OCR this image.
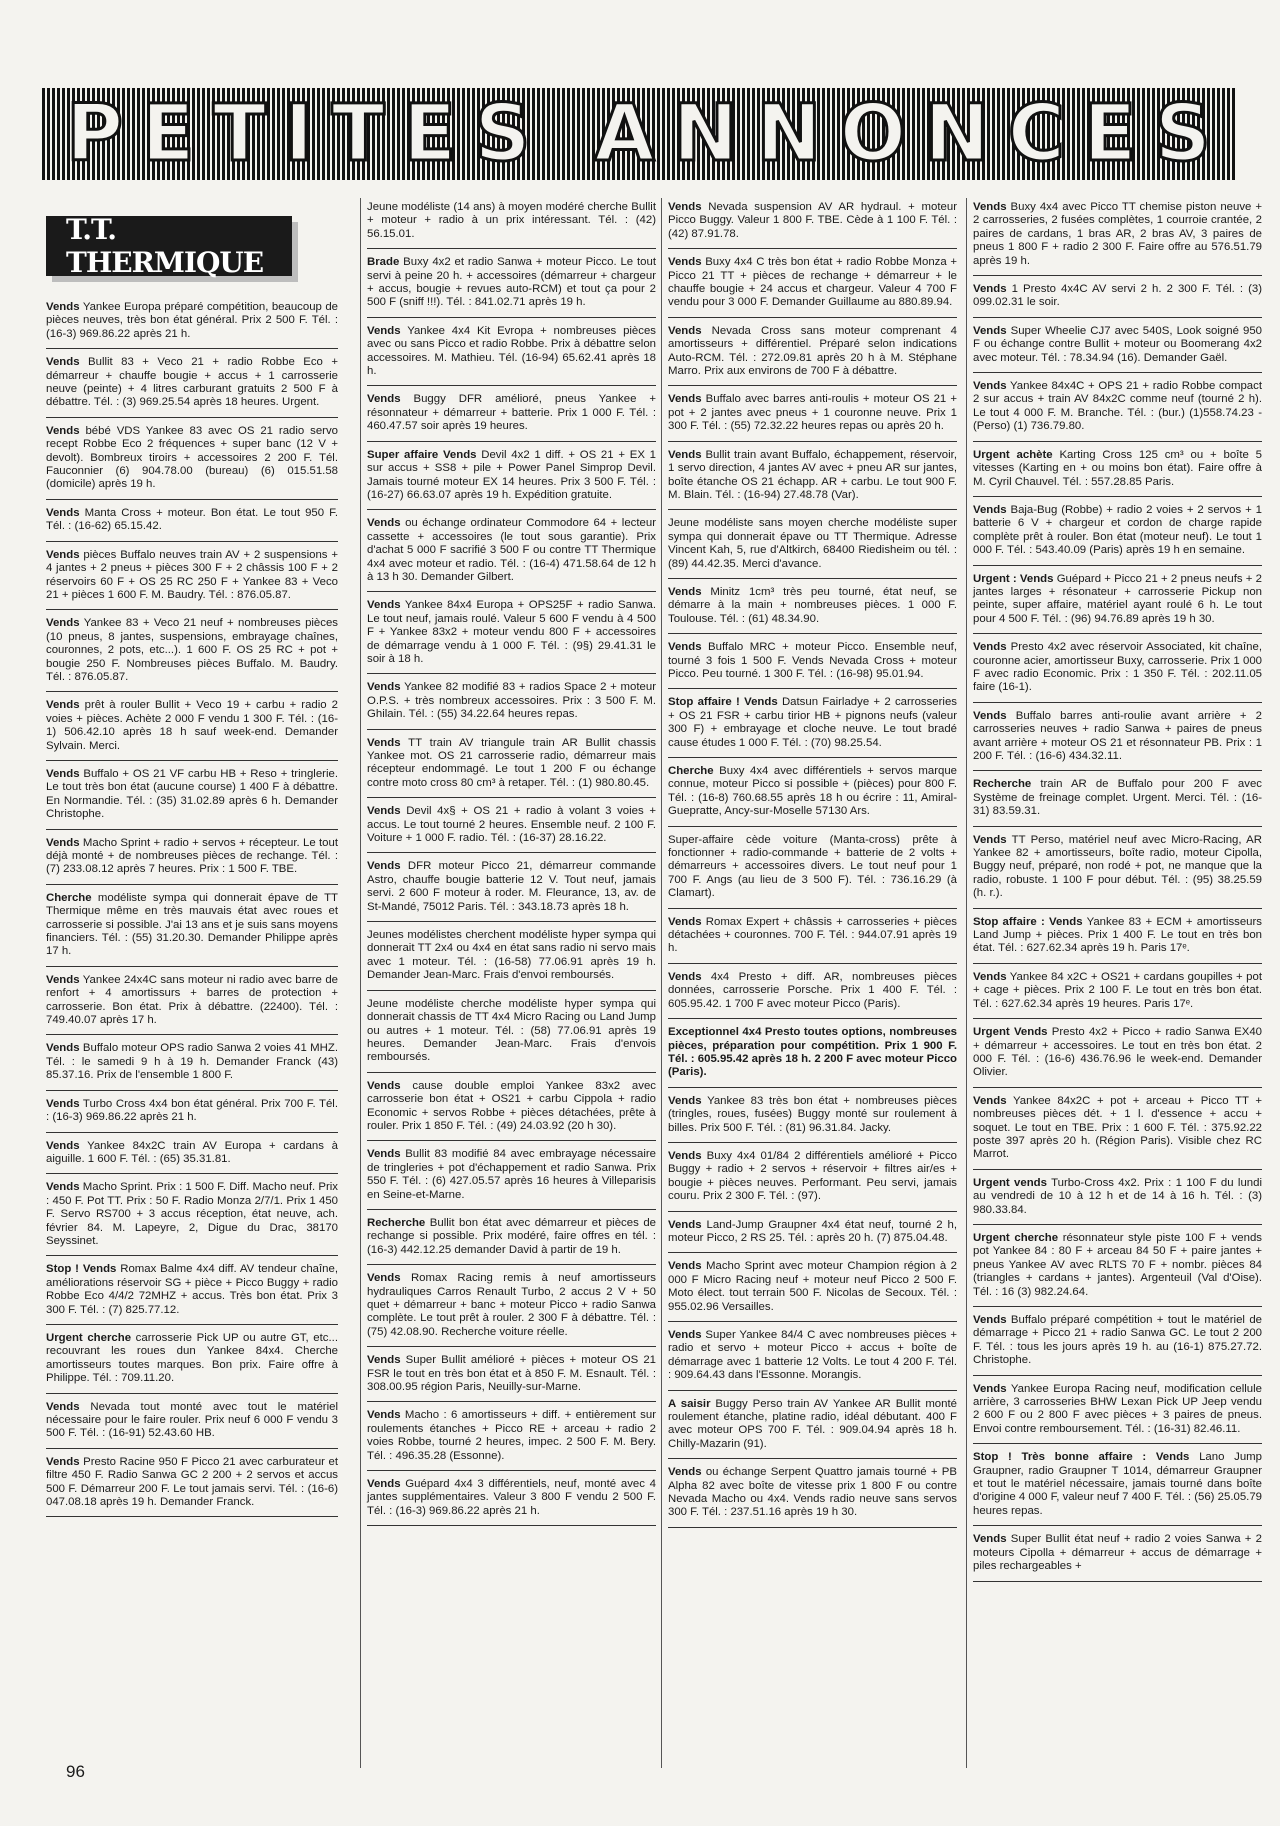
P E T I T E S
A N N O N C E S
T.T. THERMIQUE
Vends Yankee Europa préparé compétition, beaucoup de pièces neuves, très bon état général. Prix 2 500 F. Tél. : (16-3) 969.86.22 après 21 h.
Vends Bullit 83 + Veco 21 + radio Robbe Eco + démarreur + chauffe bougie + accus + 1 carrosserie neuve (peinte) + 4 litres carburant gratuits 2 500 F à débattre. Tél. : (3) 969.25.54 après 18 heures. Urgent.
Vends bébé VDS Yankee 83 avec OS 21 radio servo recept Robbe Eco 2 fréquences + super banc (12 V + devolt). Bombreux tiroirs + accessoires 2 200 F. Tél. Fauconnier (6) 904.78.00 (bureau) (6) 015.51.58 (domicile) après 19 h.
Vends Manta Cross + moteur. Bon état. Le tout 950 F. Tél. : (16-62) 65.15.42.
Vends pièces Buffalo neuves train AV + 2 suspensions + 4 jantes + 2 pneus + pièces 300 F + 2 châssis 100 F + 2 réservoirs 60 F + OS 25 RC 250 F + Yankee 83 + Veco 21 + pièces 1 600 F. M. Baudry. Tél. : 876.05.87.
Vends Yankee 83 + Veco 21 neuf + nombreuses pièces (10 pneus, 8 jantes, suspensions, embrayage chaînes, couronnes, 2 pots, etc...). 1 600 F. OS 25 RC + pot + bougie 250 F. Nombreuses pièces Buffalo. M. Baudry. Tél. : 876.05.87.
Vends prêt à rouler Bullit + Veco 19 + carbu + radio 2 voies + pièces. Achète 2 000 F vendu 1 300 F. Tél. : (16-1) 506.42.10 après 18 h sauf week-end. Demander Sylvain. Merci.
Vends Buffalo + OS 21 VF carbu HB + Reso + tringlerie. Le tout très bon état (aucune course) 1 400 F à débattre. En Normandie. Tél. : (35) 31.02.89 après 6 h. Demander Christophe.
Vends Macho Sprint + radio + servos + récepteur. Le tout déjà monté + de nombreuses pièces de rechange. Tél. : (7) 233.08.12 après 7 heures. Prix : 1 500 F. TBE.
Cherche modéliste sympa qui donnerait épave de TT Thermique même en très mauvais état avec roues et carrosserie si possible. J'ai 13 ans et je suis sans moyens financiers. Tél. : (55) 31.20.30. Demander Philippe après 17 h.
Vends Yankee 24x4C sans moteur ni radio avec barre de renfort + 4 amortissurs + barres de protection + carrosserie. Bon état. Prix à débattre. (22400). Tél. : 749.40.07 après 17 h.
Vends Buffalo moteur OPS radio Sanwa 2 voies 41 MHZ. Tél. : le samedi 9 h à 19 h. Demander Franck (43) 85.37.16. Prix de l'ensemble 1 800 F.
Vends Turbo Cross 4x4 bon état général. Prix 700 F. Tél. : (16-3) 969.86.22 après 21 h.
Vends Yankee 84x2C train AV Europa + cardans à aiguille. 1 600 F. Tél. : (65) 35.31.81.
Vends Macho Sprint. Prix : 1 500 F. Diff. Macho neuf. Prix : 450 F. Pot TT. Prix : 50 F. Radio Monza 2/7/1. Prix 1 450 F. Servo RS700 + 3 accus réception, état neuve, ach. février 84. M. Lapeyre, 2, Digue du Drac, 38170 Seyssinet.
Stop ! Vends Romax Balme 4x4 diff. AV tendeur chaîne, améliorations réservoir SG + pièce + Picco Buggy + radio Robbe Eco 4/4/2 72MHZ + accus. Très bon état. Prix 3 300 F. Tél. : (7) 825.77.12.
Urgent cherche carrosserie Pick UP ou autre GT, etc... recouvrant les roues dun Yankee 84x4. Cherche amortisseurs toutes marques. Bon prix. Faire offre à Philippe. Tél. : 709.11.20.
Vends Nevada tout monté avec tout le matériel nécessaire pour le faire rouler. Prix neuf 6 000 F vendu 3 500 F. Tél. : (16-91) 52.43.60 HB.
Vends Presto Racine 950 F Picco 21 avec carburateur et filtre 450 F. Radio Sanwa GC 2 200 + 2 servos et accus 500 F. Démarreur 200 F. Le tout jamais servi. Tél. : (16-6) 047.08.18 après 19 h. Demander Franck.
Jeune modéliste (14 ans) à moyen modéré cherche Bullit + moteur + radio à un prix intéressant. Tél. : (42) 56.15.01.
Brade Buxy 4x2 et radio Sanwa + moteur Picco. Le tout servi à peine 20 h. + accessoires (démarreur + chargeur + accus, bougie + revues auto-RCM) et tout ça pour 2 500 F (sniff !!!). Tél. : 841.02.71 après 19 h.
Vends Yankee 4x4 Kit Evropa + nombreuses pièces avec ou sans Picco et radio Robbe. Prix à débattre selon accessoires. M. Mathieu. Tél. (16-94) 65.62.41 après 18 h.
Vends Buggy DFR amélioré, pneus Yankee + résonnateur + démarreur + batterie. Prix 1 000 F. Tél. : 460.47.57 soir après 19 heures.
Super affaire Vends Devil 4x2 1 diff. + OS 21 + EX 1 sur accus + SS8 + pile + Power Panel Simprop Devil. Jamais tourné moteur EX 14 heures. Prix 3 500 F. Tél. : (16-27) 66.63.07 après 19 h. Expédition gratuite.
Vends ou échange ordinateur Commodore 64 + lecteur cassette + accessoires (le tout sous garantie). Prix d'achat 5 000 F sacrifié 3 500 F ou contre TT Thermique 4x4 avec moteur et radio. Tél. : (16-4) 471.58.64 de 12 h à 13 h 30. Demander Gilbert.
Vends Yankee 84x4 Europa + OPS25F + radio Sanwa. Le tout neuf, jamais roulé. Valeur 5 600 F vendu à 4 500 F + Yankee 83x2 + moteur vendu 800 F + accessoires de démarrage vendu à 1 000 F. Tél. : (9§) 29.41.31 le soir à 18 h.
Vends Yankee 82 modifié 83 + radios Space 2 + moteur O.P.S. + très nombreux accessoires. Prix : 3 500 F. M. Ghilain. Tél. : (55) 34.22.64 heures repas.
Vends TT train AV triangule train AR Bullit chassis Yankee mot. OS 21 carrosserie radio, démarreur mais récepteur endommagé. Le tout 1 200 F ou échange contre moto cross 80 cm³ à retaper. Tél. : (1) 980.80.45.
Vends Devil 4x§ + OS 21 + radio à volant 3 voies + accus. Le tout tourné 2 heures. Ensemble neuf. 2 100 F. Voiture + 1 000 F. radio. Tél. : (16-37) 28.16.22.
Vends DFR moteur Picco 21, démarreur commande Astro, chauffe bougie batterie 12 V. Tout neuf, jamais servi. 2 600 F moteur à roder. M. Fleurance, 13, av. de St-Mandé, 75012 Paris. Tél. : 343.18.73 après 18 h.
Jeunes modélistes cherchent modéliste hyper sympa qui donnerait TT 2x4 ou 4x4 en état sans radio ni servo mais avec 1 moteur. Tél. : (16-58) 77.06.91 après 19 h. Demander Jean-Marc. Frais d'envoi remboursés.
Jeune modéliste cherche modéliste hyper sympa qui donnerait chassis de TT 4x4 Micro Racing ou Land Jump ou autres + 1 moteur. Tél. : (58) 77.06.91 après 19 heures. Demander Jean-Marc. Frais d'envois remboursés.
Vends cause double emploi Yankee 83x2 avec carrosserie bon état + OS21 + carbu Cippola + radio Economic + servos Robbe + pièces détachées, prête à rouler. Prix 1 850 F. Tél. : (49) 24.03.92 (20 h 30).
Vends Bullit 83 modifié 84 avec embrayage nécessaire de tringleries + pot d'échappement et radio Sanwa. Prix 550 F. Tél. : (6) 427.05.57 après 16 heures à Villeparisis en Seine-et-Marne.
Recherche Bullit bon état avec démarreur et pièces de rechange si possible. Prix modéré, faire offres en tél. : (16-3) 442.12.25 demander David à partir de 19 h.
Vends Romax Racing remis à neuf amortisseurs hydrauliques Carros Renault Turbo, 2 accus 2 V + 50 quet + démarreur + banc + moteur Picco + radio Sanwa complète. Le tout prêt à rouler. 2 300 F à débattre. Tél. : (75) 42.08.90. Recherche voiture réelle.
Vends Super Bullit amélioré + pièces + moteur OS 21 FSR le tout en très bon état et à 850 F. M. Esnault. Tél. : 308.00.95 région Paris, Neuilly-sur-Marne.
Vends Macho : 6 amortisseurs + diff. + entièrement sur roulements étanches + Picco RE + arceau + radio 2 voies Robbe, tourné 2 heures, impec. 2 500 F. M. Bery. Tél. : 496.35.28 (Essonne).
Vends Guépard 4x4 3 différentiels, neuf, monté avec 4 jantes supplémentaires. Valeur 3 800 F vendu 2 500 F. Tél. : (16-3) 969.86.22 après 21 h.
Vends Nevada suspension AV AR hydraul. + moteur Picco Buggy. Valeur 1 800 F. TBE. Cède à 1 100 F. Tél. : (42) 87.91.78.
Vends Buxy 4x4 C très bon état + radio Robbe Monza + Picco 21 TT + pièces de rechange + démarreur + le chauffe bougie + 24 accus et chargeur. Valeur 4 700 F vendu pour 3 000 F. Demander Guillaume au 880.89.94.
Vends Nevada Cross sans moteur comprenant 4 amortisseurs + différentiel. Préparé selon indications Auto-RCM. Tél. : 272.09.81 après 20 h à M. Stéphane Marro. Prix aux environs de 700 F à débattre.
Vends Buffalo avec barres anti-roulis + moteur OS 21 + pot + 2 jantes avec pneus + 1 couronne neuve. Prix 1 300 F. Tél. : (55) 72.32.22 heures repas ou après 20 h.
Vends Bullit train avant Buffalo, échappement, réservoir, 1 servo direction, 4 jantes AV avec + pneu AR sur jantes, boîte étanche OS 21 échapp. AR + carbu. Le tout 900 F. M. Blain. Tél. : (16-94) 27.48.78 (Var).
Jeune modéliste sans moyen cherche modéliste super sympa qui donnerait épave ou TT Thermique. Adresse Vincent Kah, 5, rue d'Altkirch, 68400 Riedisheim ou tél. : (89) 44.42.35. Merci d'avance.
Vends Minitz 1cm³ très peu tourné, état neuf, se démarre à la main + nombreuses pièces. 1 000 F. Toulouse. Tél. : (61) 48.34.90.
Vends Buffalo MRC + moteur Picco. Ensemble neuf, tourné 3 fois 1 500 F. Vends Nevada Cross + moteur Picco. Peu tourné. 1 300 F. Tél. : (16-98) 95.01.94.
Stop affaire ! Vends Datsun Fairladye + 2 carrosseries + OS 21 FSR + carbu tirior HB + pignons neufs (valeur 300 F) + embrayage et cloche neuve. Le tout bradé cause études 1 000 F. Tél. : (70) 98.25.54.
Cherche Buxy 4x4 avec différentiels + servos marque connue, moteur Picco si possible + (pièces) pour 800 F. Tél. : (16-8) 760.68.55 après 18 h ou écrire : 11, Amiral-Guepratte, Ancy-sur-Moselle 57130 Ars.
Super-affaire cède voiture (Manta-cross) prête à fonctionner + radio-commande + batterie de 2 volts + démarreurs + accessoires divers. Le tout neuf pour 1 700 F. Angs (au lieu de 3 500 F). Tél. : 736.16.29 (à Clamart).
Vends Romax Expert + châssis + carrosseries + pièces détachées + couronnes. 700 F. Tél. : 944.07.91 après 19 h.
Vends 4x4 Presto + diff. AR, nombreuses pièces données, carrosserie Porsche. Prix 1 400 F. Tél. : 605.95.42. 1 700 F avec moteur Picco (Paris).
Exceptionnel 4x4 Presto toutes options, nombreuses pièces, préparation pour compétition. Prix 1 900 F. Tél. : 605.95.42 après 18 h. 2 200 F avec moteur Picco (Paris).
Vends Yankee 83 très bon état + nombreuses pièces (tringles, roues, fusées) Buggy monté sur roulement à billes. Prix 500 F. Tél. : (81) 96.31.84. Jacky.
Vends Buxy 4x4 01/84 2 différentiels amélioré + Picco Buggy + radio + 2 servos + réservoir + filtres air/es + bougie + pièces neuves. Performant. Peu servi, jamais couru. Prix 2 300 F. Tél. : (97).
Vends Land-Jump Graupner 4x4 état neuf, tourné 2 h, moteur Picco, 2 RS 25. Tél. : après 20 h. (7) 875.04.48.
Vends Macho Sprint avec moteur Champion région à 2 000 F Micro Racing neuf + moteur neuf Picco 2 500 F. Moto élect. tout terrain 500 F. Nicolas de Secoux. Tél. : 955.02.96 Versailles.
Vends Super Yankee 84/4 C avec nombreuses pièces + radio et servo + moteur Picco + accus + boîte de démarrage avec 1 batterie 12 Volts. Le tout 4 200 F. Tél. : 909.64.43 dans l'Essonne. Morangis.
A saisir Buggy Perso train AV Yankee AR Bullit monté roulement étanche, platine radio, idéal débutant. 400 F avec moteur OPS 700 F. Tél. : 909.04.94 après 18 h. Chilly-Mazarin (91).
Vends ou échange Serpent Quattro jamais tourné + PB Alpha 82 avec boîte de vitesse prix 1 800 F ou contre Nevada Macho ou 4x4. Vends radio neuve sans servos 300 F. Tél. : 237.51.16 après 19 h 30.
Vends Buxy 4x4 avec Picco TT chemise piston neuve + 2 carrosseries, 2 fusées complètes, 1 courroie crantée, 2 paires de cardans, 1 bras AR, 2 bras AV, 3 paires de pneus 1 800 F + radio 2 300 F. Faire offre au 576.51.79 après 19 h.
Vends 1 Presto 4x4C AV servi 2 h. 2 300 F. Tél. : (3) 099.02.31 le soir.
Vends Super Wheelie CJ7 avec 540S, Look soigné 950 F ou échange contre Bullit + moteur ou Boomerang 4x2 avec moteur. Tél. : 78.34.94 (16). Demander Gaël.
Vends Yankee 84x4C + OPS 21 + radio Robbe compact 2 sur accus + train AV 84x2C comme neuf (tourné 2 h). Le tout 4 000 F. M. Branche. Tél. : (bur.) (1)558.74.23 - (Perso) (1) 736.79.80.
Urgent achète Karting Cross 125 cm³ ou + boîte 5 vitesses (Karting en + ou moins bon état). Faire offre à M. Cyril Chauvel. Tél. : 557.28.85 Paris.
Vends Baja-Bug (Robbe) + radio 2 voies + 2 servos + 1 batterie 6 V + chargeur et cordon de charge rapide complète prêt à rouler. Bon état (moteur neuf). Le tout 1 000 F. Tél. : 543.40.09 (Paris) après 19 h en semaine.
Urgent : Vends Guépard + Picco 21 + 2 pneus neufs + 2 jantes larges + résonateur + carrosserie Pickup non peinte, super affaire, matériel ayant roulé 6 h. Le tout pour 4 500 F. Tél. : (96) 94.76.89 après 19 h 30.
Vends Presto 4x2 avec réservoir Associated, kit chaîne, couronne acier, amortisseur Buxy, carrosserie. Prix 1 000 F avec radio Economic. Prix : 1 350 F. Tél. : 202.11.05 faire (16-1).
Vends Buffalo barres anti-roulie avant arrière + 2 carrosseries neuves + radio Sanwa + paires de pneus avant arrière + moteur OS 21 et résonnateur PB. Prix : 1 200 F. Tél. : (16-6) 434.32.11.
Recherche train AR de Buffalo pour 200 F avec Système de freinage complet. Urgent. Merci. Tél. : (16-31) 83.59.31.
Vends TT Perso, matériel neuf avec Micro-Racing, AR Yankee 82 + amortisseurs, boîte radio, moteur Cipolla, Buggy neuf, préparé, non rodé + pot, ne manque que la radio, robuste. 1 100 F pour début. Tél. : (95) 38.25.59 (h. r.).
Stop affaire : Vends Yankee 83 + ECM + amortisseurs Land Jump + pièces. Prix 1 400 F. Le tout en très bon état. Tél. : 627.62.34 après 19 h. Paris 17ᵉ.
Vends Yankee 84 x2C + OS21 + cardans goupilles + pot + cage + pièces. Prix 2 100 F. Le tout en très bon état. Tél. : 627.62.34 après 19 heures. Paris 17ᵉ.
Urgent Vends Presto 4x2 + Picco + radio Sanwa EX40 + démarreur + accessoires. Le tout en très bon état. 2 000 F. Tél. : (16-6) 436.76.96 le week-end. Demander Olivier.
Vends Yankee 84x2C + pot + arceau + Picco TT + nombreuses pièces dét. + 1 l. d'essence + accu + soquet. Le tout en TBE. Prix : 1 600 F. Tél. : 375.92.22 poste 397 après 20 h. (Région Paris). Visible chez RC Marrot.
Urgent vends Turbo-Cross 4x2. Prix : 1 100 F du lundi au vendredi de 10 à 12 h et de 14 à 16 h. Tél. : (3) 980.33.84.
Urgent cherche résonnateur style piste 100 F + vends pot Yankee 84 : 80 F + arceau 84 50 F + paire jantes + pneus Yankee AV avec RLTS 70 F + nombr. pièces 84 (triangles + cardans + jantes). Argenteuil (Val d'Oise). Tél. : 16 (3) 982.24.64.
Vends Buffalo préparé compétition + tout le matériel de démarrage + Picco 21 + radio Sanwa GC. Le tout 2 200 F. Tél. : tous les jours après 19 h. au (16-1) 875.27.72. Christophe.
Vends Yankee Europa Racing neuf, modification cellule arrière, 3 carrosseries BHW Lexan Pick UP Jeep vendu 2 600 F ou 2 800 F avec pièces + 3 paires de pneus. Envoi contre remboursement. Tél. : (16-31) 82.46.11.
Stop ! Très bonne affaire : Vends Lano Jump Graupner, radio Graupner T 1014, démarreur Graupner et tout le matériel nécessaire, jamais tourné dans boîte d'origine 4 000 F, valeur neuf 7 400 F. Tél. : (56) 25.05.79 heures repas.
Vends Super Bullit état neuf + radio 2 voies Sanwa + 2 moteurs Cipolla + démarreur + accus de démarrage + piles rechargeables +
96
